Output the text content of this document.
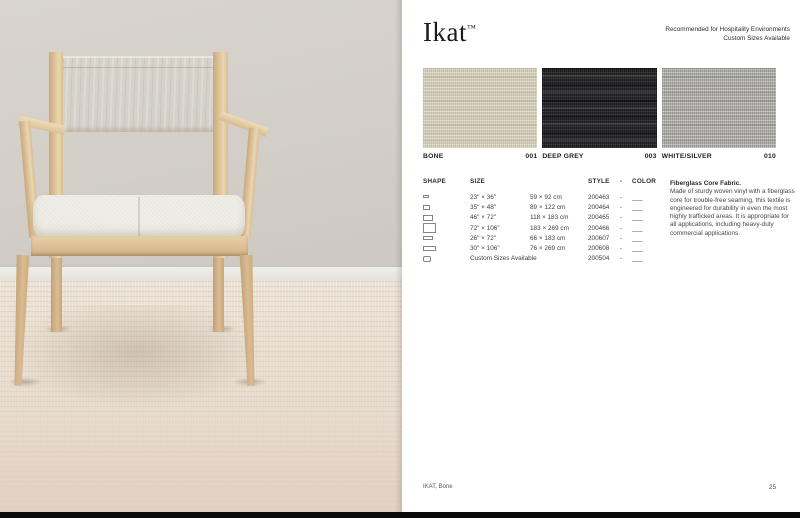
Ikat™	Recommended for Hospitality Environments
Custom Sizes Available
BONE	001 DEEP GREY	003 WHITE/SILVER	010
SHAPE	SIZE	STYLE	-	COLOR
23" × 36"	59 × 92 cm	200463	-	___
35" × 48"	89 × 122 cm	200464	-	___
46" × 72"	118 × 183 cm	200465	-	___
72" × 106"	183 × 269 cm	200466	-	___
26" × 72"	66 × 183 cm	200607	-	___
30" × 106"	76 × 269 cm	200608	-	___
Custom Sizes Available	200504	-	___
Fiberglass Core Fabric.
Made of sturdy woven vinyl with a fiberglass core for trouble-free seaming, this textile is engineered for durability in even the most highly trafficked areas. It is appropriate for all applications, including heavy-duty commercial applications.
IKAT, Bone	25
